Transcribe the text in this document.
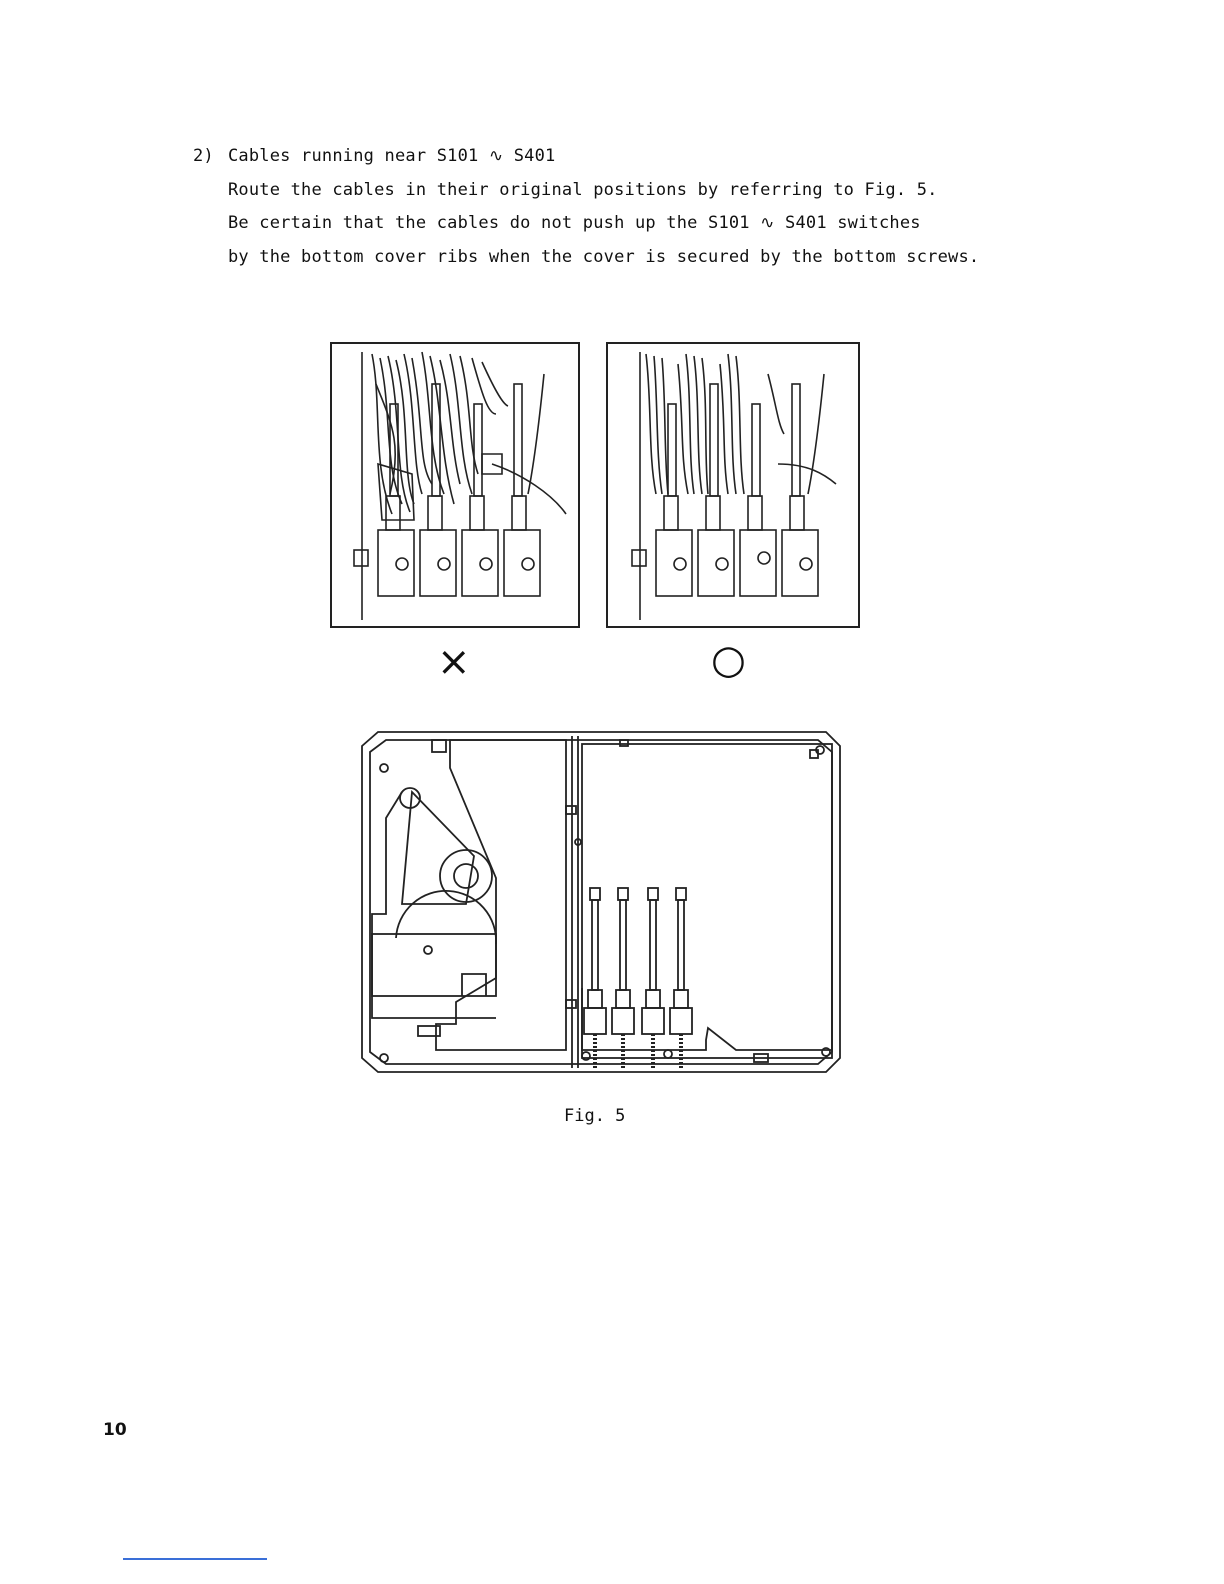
2) Cables running near S101 ∿ S401
Route the cables in their original positions by referring to Fig. 5.
Be certain that the cables do not push up the S101 ∿ S401 switches
by the bottom cover ribs when the cover is secured by the bottom screws.
×	○
Fig. 5
10
